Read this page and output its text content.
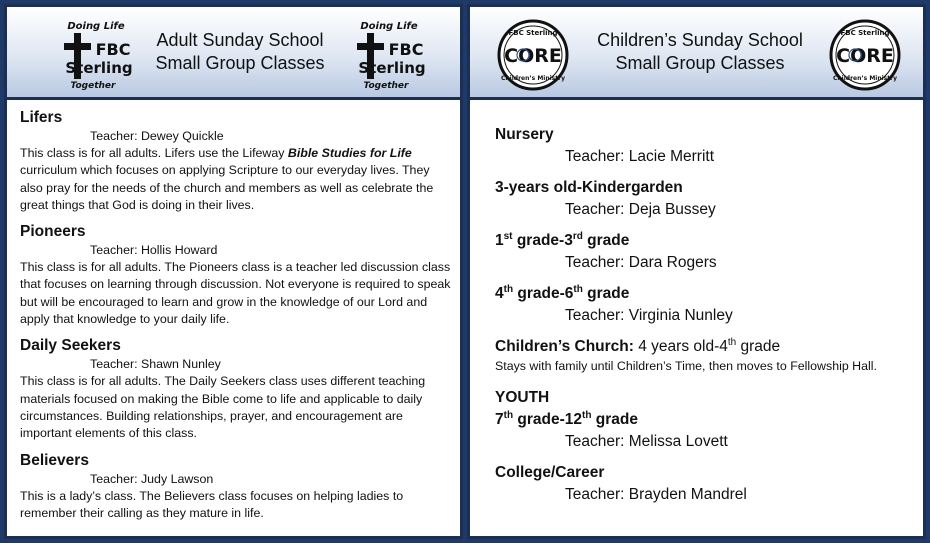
Doing Life
FBC
Sterling
Together
Adult Sunday School
Small Group Classes
Doing Life
FBC
Sterling
Together
Lifers
Teacher: Dewey Quickle
This class is for all adults. Lifers use the Lifeway Bible Studies for Life curriculum which focuses on applying Scripture to our everyday lives. They also pray for the needs of the church and members as well as celebrate the great things that God is doing in their lives.
Pioneers
Teacher: Hollis Howard
This class is for all adults. The Pioneers class is a teacher led discussion class that focuses on learning through discussion. Not everyone is required to speak but will be encouraged to learn and grow in the knowledge of our Lord and apply that knowledge to your daily life.
Daily Seekers
Teacher: Shawn Nunley
This class is for all adults. The Daily Seekers class uses different teaching materials focused on making the Bible come to life and applicable to daily circumstances. Building relationships, prayer, and encouragement are important elements of this class.
Believers
Teacher: Judy Lawson
This is a lady’s class. The Believers class focuses on helping ladies to remember their calling as they mature in life.
FBC Sterling
CORE
Children’s Ministry
Children’s Sunday School
Small Group Classes
FBC Sterling
CORE
Children’s Ministry
Nursery
Teacher: Lacie Merritt
3-years old-Kindergarden
Teacher: Deja Bussey
1st grade-3rd grade
Teacher: Dara Rogers
4th grade-6th grade
Teacher: Virginia Nunley
Children’s Church: 4 years old-4th grade
Stays with family until Children’s Time, then moves to Fellowship Hall.
YOUTH
7th grade-12th grade
Teacher: Melissa Lovett
College/Career
Teacher: Brayden Mandrel
